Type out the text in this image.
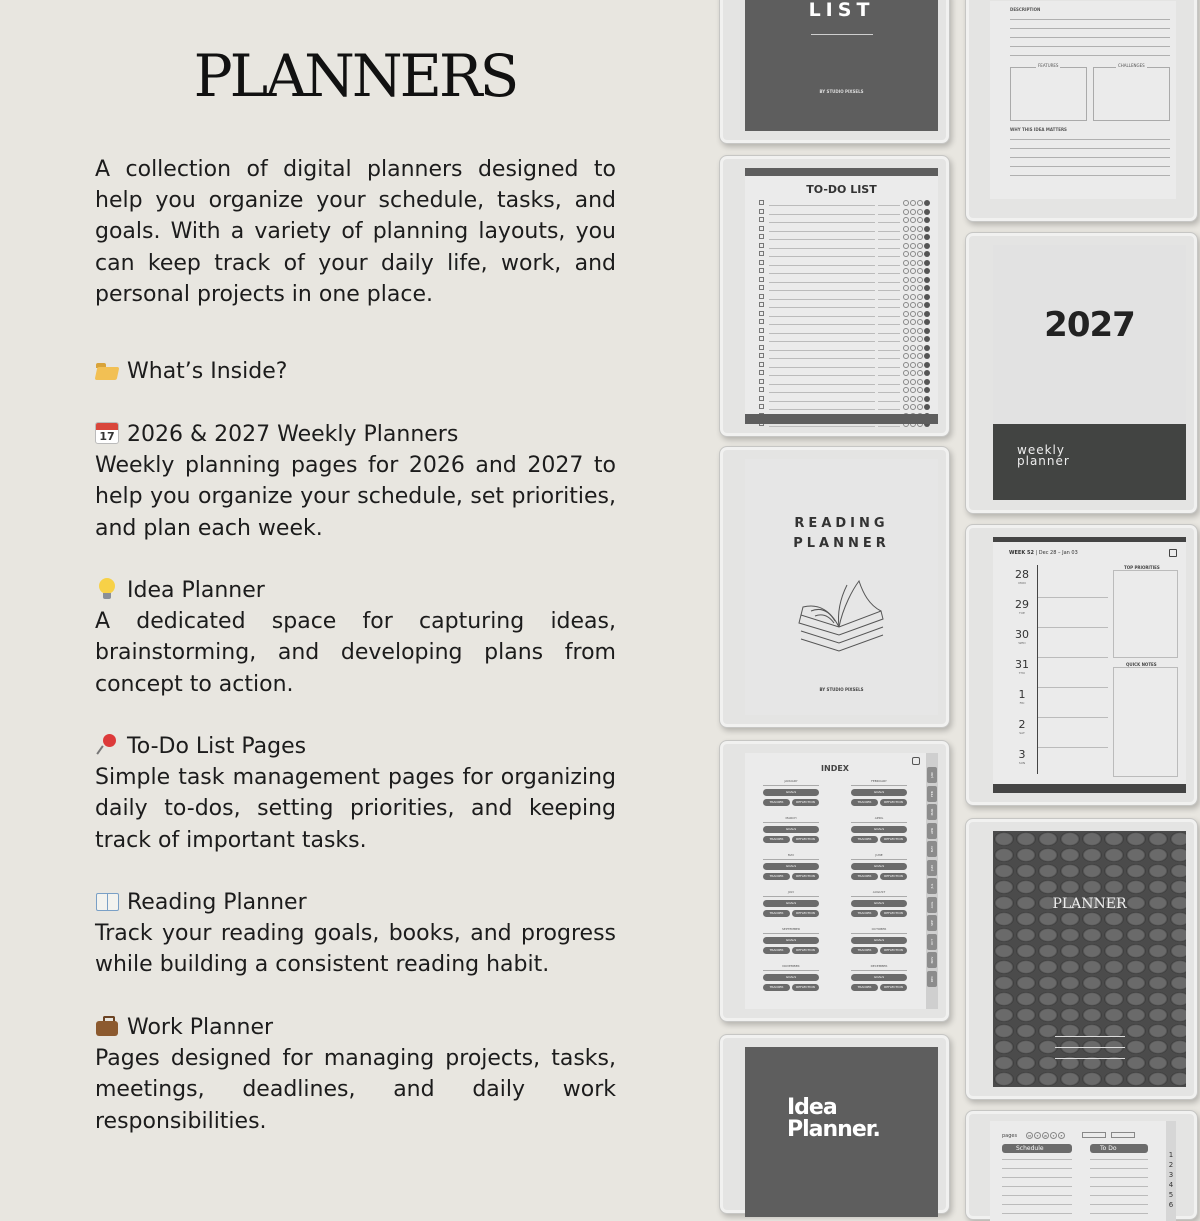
PLANNERS

A collection of digital planners designed to help you organize your schedule, tasks, and goals. With a variety of planning layouts, you can keep track of your daily life, work, and personal projects in one place.

What’s Inside?
172026 & 2027 Weekly Planners
Weekly planning pages for 2026 and 2027 to help you organize your schedule, set priorities, and plan each week.
Idea Planner
A dedicated space for capturing ideas, brainstorming, and developing plans from concept to action.
To-Do List Pages
Simple task management pages for organizing daily to-dos, setting priorities, and keeping track of important tasks.
Reading Planner
Track your reading goals, books, and progress while building a consistent reading habit.
Work Planner
Pages designed for managing projects, tasks, meetings, deadlines, and daily work responsibilities.
LIST
BY STUDIO PIXSELS
DESCRIPTION
FEATURES	CHALLENGES
WHY THIS IDEA MATTERS
TO-DO LIST
2027
weekly
planner
READING
PLANNER
BY STUDIO PIXSELS
WEEK 52 | Dec 28 – Jan 03
TOP PRIORITIES
QUICK NOTES
28
MON
29
TUE
30
WED
31
THU
1
FRI
2
SAT
3
SUN
INDEX
JANUARY
GOALS
TRACKER	REFLECTION
FEBRUARY
GOALS
TRACKER	REFLECTION
MARCH
GOALS
TRACKER	REFLECTION
APRIL
GOALS
TRACKER	REFLECTION
MAY
GOALS
TRACKER	REFLECTION
JUNE
GOALS
TRACKER	REFLECTION
JULY
GOALS
TRACKER	REFLECTION
AUGUST
GOALS
TRACKER	REFLECTION
SEPTEMBER
GOALS
TRACKER	REFLECTION
OCTOBER
GOALS
TRACKER	REFLECTION
NOVEMBER
GOALS
TRACKER	REFLECTION
DECEMBER
GOALS
TRACKER	REFLECTION
JAN
FEB
MAR
APR
MAY
JUN
JUL
AUG
SEP
OCT
NOV
DEC
PLANNER
Idea
Planner.	pages	M	T	W	T	F
Schedule	To Do
1
2
3
4
5
6
